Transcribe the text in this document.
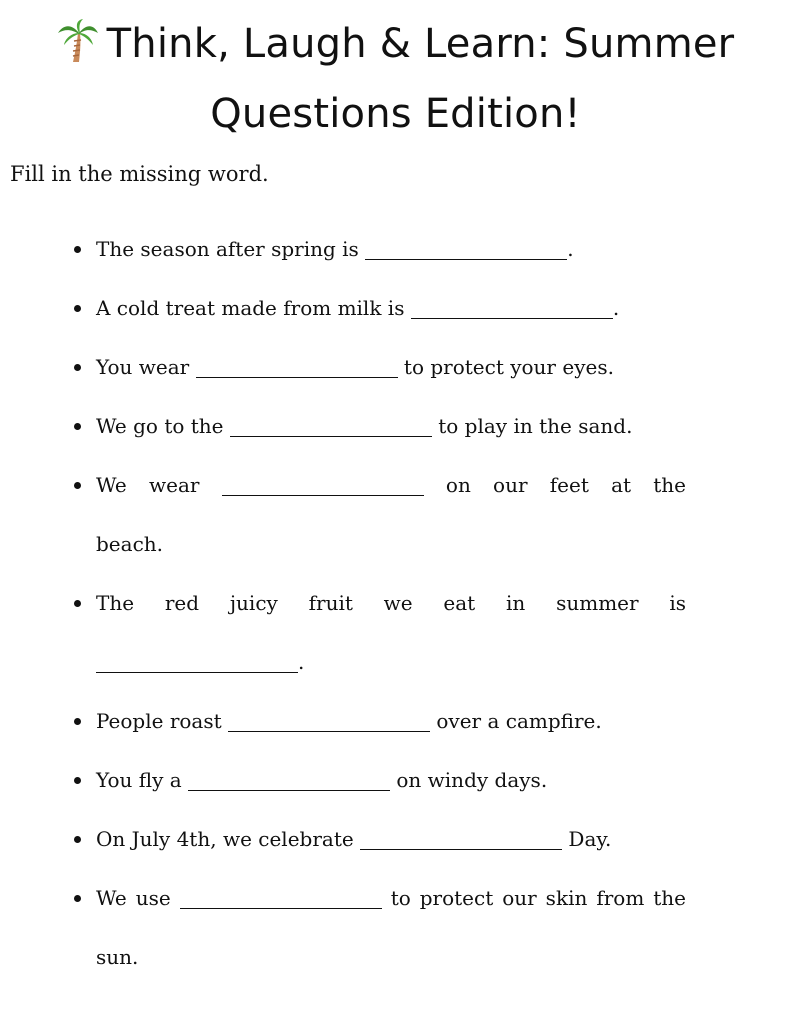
Think, Laugh & Learn: Summer Questions Edition!

Fill in the missing word.

The season after spring is	.
A cold treat made from milk is	.
You wear	to protect your eyes.
We go to the	to play in the sand.
We wear	on our feet at the beach.
The red juicy fruit we eat in summer is .
People roast	over a campfire.
You fly a	on windy days.
On July 4th, we celebrate	Day.
We use	to protect our skin from the sun.
